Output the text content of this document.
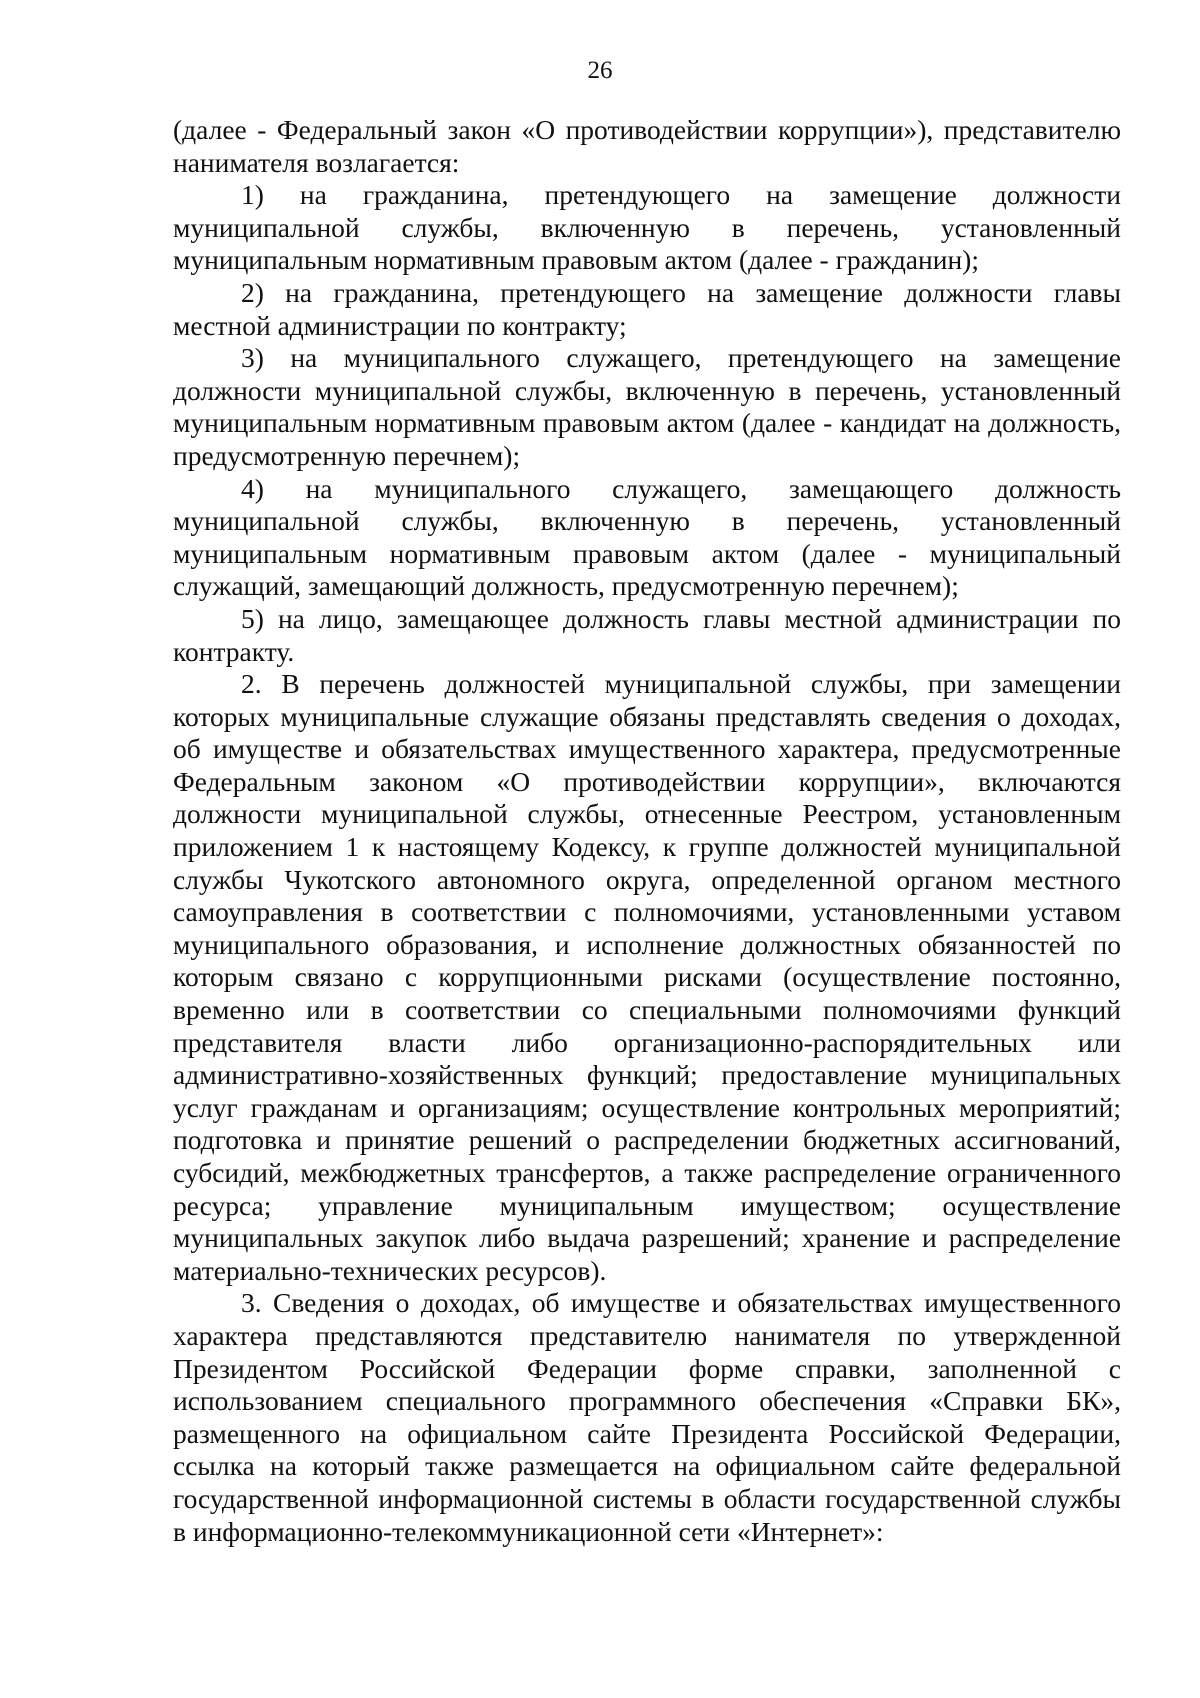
26

(далее - Федеральный закон «О противодействии коррупции»), представителю нанимателя возлагается:

1) на гражданина, претендующего на замещение должности муниципальной службы, включенную в перечень, установленный муниципальным нормативным правовым актом (далее - гражданин);

2) на гражданина, претендующего на замещение должности главы местной администрации по контракту;

3) на муниципального служащего, претендующего на замещение должности муниципальной службы, включенную в перечень, установленный муниципальным нормативным правовым актом (далее - кандидат на должность, предусмотренную перечнем);

4) на муниципального служащего, замещающего должность муниципальной службы, включенную в перечень, установленный муниципальным нормативным правовым актом (далее - муниципальный служащий, замещающий должность, предусмотренную перечнем);

5) на лицо, замещающее должность главы местной администрации по контракту.

2. В перечень должностей муниципальной службы, при замещении которых муниципальные служащие обязаны представлять сведения о доходах, об имуществе и обязательствах имущественного характера, предусмотренные Федеральным законом «О противодействии коррупции», включаются должности муниципальной службы, отнесенные Реестром, установленным приложением 1 к настоящему Кодексу, к группе должностей муниципальной службы Чукотского автономного округа, определенной органом местного самоуправления в соответствии с полномочиями, установленными уставом муниципального образования, и исполнение должностных обязанностей по которым связано с коррупционными рисками (осуществление постоянно, временно или в соответствии со специальными полномочиями функций представителя власти либо организационно-распорядительных или административно-хозяйственных функций; предоставление муниципальных услуг гражданам и организациям; осуществление контрольных мероприятий; подготовка и принятие решений о распределении бюджетных ассигнований, субсидий, межбюджетных трансфертов, а также распределение ограниченного ресурса; управление муниципальным имуществом; осуществление муниципальных закупок либо выдача разрешений; хранение и распределение материально-технических ресурсов).

3. Сведения о доходах, об имуществе и обязательствах имущественного характера представляются представителю нанимателя по утвержденной Президентом Российской Федерации форме справки, заполненной с использованием специального программного обеспечения «Справки БК», размещенного на официальном сайте Президента Российской Федерации, ссылка на который также размещается на официальном сайте федеральной государственной информационной системы в области государственной службы в информационно-телекоммуникационной сети «Интернет»:
